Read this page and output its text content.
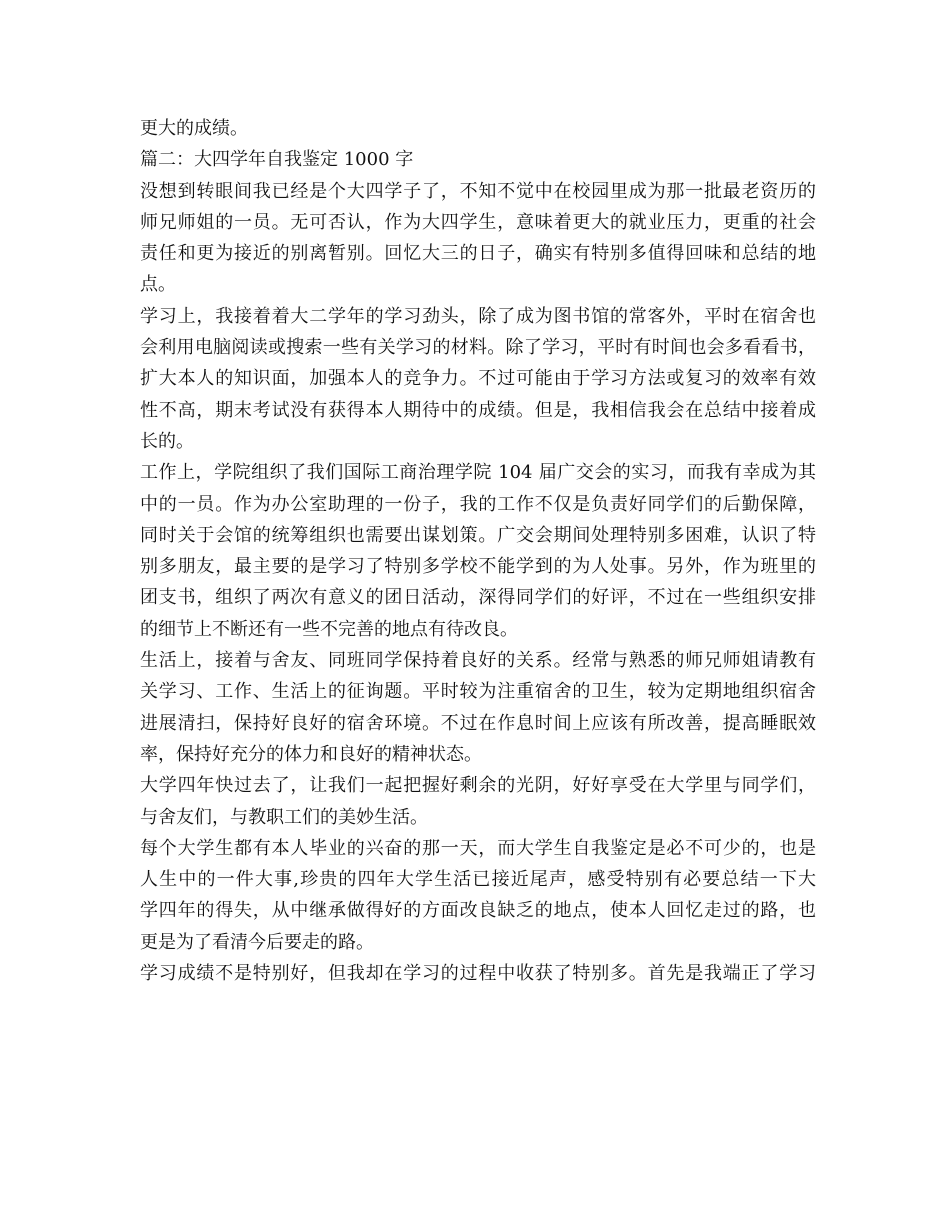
更大的成绩。
篇二：大四学年自我鉴定 1000 字
没想到转眼间我已经是个大四学子了，不知不觉中在校园里成为那一批最老资历的
师兄师姐的一员。无可否认，作为大四学生，意味着更大的就业压力，更重的社会
责任和更为接近的别离暂别。回忆大三的日子，确实有特别多值得回味和总结的地
点。
学习上，我接着着大二学年的学习劲头，除了成为图书馆的常客外，平时在宿舍也
会利用电脑阅读或搜索一些有关学习的材料。除了学习，平时有时间也会多看看书，
扩大本人的知识面，加强本人的竞争力。不过可能由于学习方法或复习的效率有效
性不高，期末考试没有获得本人期待中的成绩。但是，我相信我会在总结中接着成
长的。
工作上，学院组织了我们国际工商治理学院 104 届广交会的实习，而我有幸成为其
中的一员。作为办公室助理的一份子，我的工作不仅是负责好同学们的后勤保障，
同时关于会馆的统筹组织也需要出谋划策。广交会期间处理特别多困难，认识了特
别多朋友，最主要的是学习了特别多学校不能学到的为人处事。另外，作为班里的
团支书，组织了两次有意义的团日活动，深得同学们的好评，不过在一些组织安排
的细节上不断还有一些不完善的地点有待改良。
生活上，接着与舍友、同班同学保持着良好的关系。经常与熟悉的师兄师姐请教有
关学习、工作、生活上的征询题。平时较为注重宿舍的卫生，较为定期地组织宿舍
进展清扫，保持好良好的宿舍环境。不过在作息时间上应该有所改善，提高睡眠效
率，保持好充分的体力和良好的精神状态。
大学四年快过去了，让我们一起把握好剩余的光阴，好好享受在大学里与同学们，
与舍友们，与教职工们的美妙生活。
每个大学生都有本人毕业的兴奋的那一天，而大学生自我鉴定是必不可少的，也是
人生中的一件大事,珍贵的四年大学生活已接近尾声，感受特别有必要总结一下大
学四年的得失，从中继承做得好的方面改良缺乏的地点，使本人回忆走过的路，也
更是为了看清今后要走的路。
学习成绩不是特别好，但我却在学习的过程中收获了特别多。首先是我端正了学习
